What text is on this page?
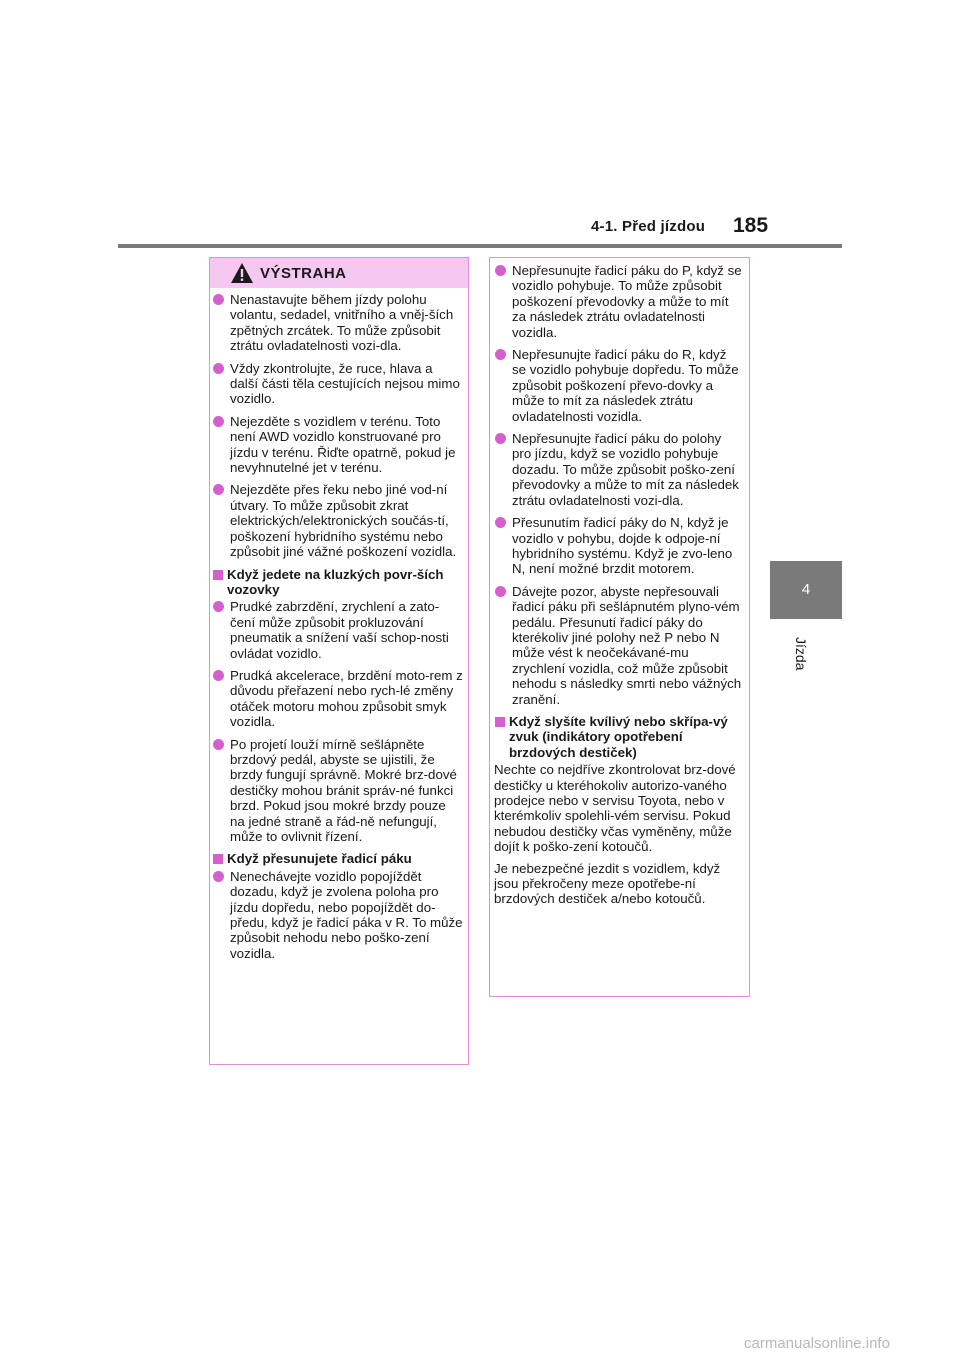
4-1. Před jízdou 185
4
Jízda
VÝSTRAHA
Nenastavujte během jízdy polohu volantu, sedadel, vnitřního a vněj-ších zpětných zrcátek. To může způsobit ztrátu ovladatelnosti vozi-dla.
Vždy zkontrolujte, že ruce, hlava a další části těla cestujících nejsou mimo vozidlo.
Nejezděte s vozidlem v terénu. Toto není AWD vozidlo konstruované pro jízdu v terénu. Řiďte opatrně, pokud je nevyhnutelné jet v terénu.
Nejezděte přes řeku nebo jiné vod-ní útvary. To může způsobit zkrat elektrických/elektronických součás-tí, poškození hybridního systému nebo způsobit jiné vážné poškození vozidla.
Když jedete na kluzkých povr-ších vozovky
Prudké zabrzdění, zrychlení a zato-čení může způsobit prokluzování pneumatik a snížení vaší schop-nosti ovládat vozidlo.
Prudká akcelerace, brzdění moto-rem z důvodu přeřazení nebo rych-lé změny otáček motoru mohou způsobit smyk vozidla.
Po projetí louží mírně sešlápněte brzdový pedál, abyste se ujistili, že brzdy fungují správně. Mokré brz-dové destičky mohou bránit správ-né funkci brzd. Pokud jsou mokré brzdy pouze na jedné straně a řád-ně nefungují, může to ovlivnit řízení.
Když přesunujete řadicí páku
Nenechávejte vozidlo popojíždět dozadu, když je zvolena poloha pro jízdu dopředu, nebo popojíždět do-předu, když je řadicí páka v R. To může způsobit nehodu nebo poško-zení vozidla.
Nepřesunujte řadicí páku do P, když se vozidlo pohybuje. To může způsobit poškození převodovky a může to mít za následek ztrátu ovladatelnosti vozidla.
Nepřesunujte řadicí páku do R, když se vozidlo pohybuje dopředu. To může způsobit poškození převo-dovky a může to mít za následek ztrátu ovladatelnosti vozidla.
Nepřesunujte řadicí páku do polohy pro jízdu, když se vozidlo pohybuje dozadu. To může způsobit poško-zení převodovky a může to mít za následek ztrátu ovladatelnosti vozi-dla.
Přesunutím řadicí páky do N, když je vozidlo v pohybu, dojde k odpoje-ní hybridního systému. Když je zvo-leno N, není možné brzdit motorem.
Dávejte pozor, abyste nepřesouvali řadicí páku při sešlápnutém plyno-vém pedálu. Přesunutí řadicí páky do kterékoliv jiné polohy než P nebo N může vést k neočekávané-mu zrychlení vozidla, což může způsobit nehodu s následky smrti nebo vážných zranění.
Když slyšíte kvílivý nebo skřípa-vý zvuk (indikátory opotřebení brzdových destiček)
Nechte co nejdříve zkontrolovat brz-dové destičky u kteréhokoliv autorizo-vaného prodejce nebo v servisu Toyota, nebo v kterémkoliv spolehli-vém servisu. Pokud nebudou destičky včas vyměněny, může dojít k poško-zení kotoučů.
Je nebezpečné jezdit s vozidlem, když jsou překročeny meze opotřebe-ní brzdových destiček a/nebo kotoučů.
carmanualsonline.info
